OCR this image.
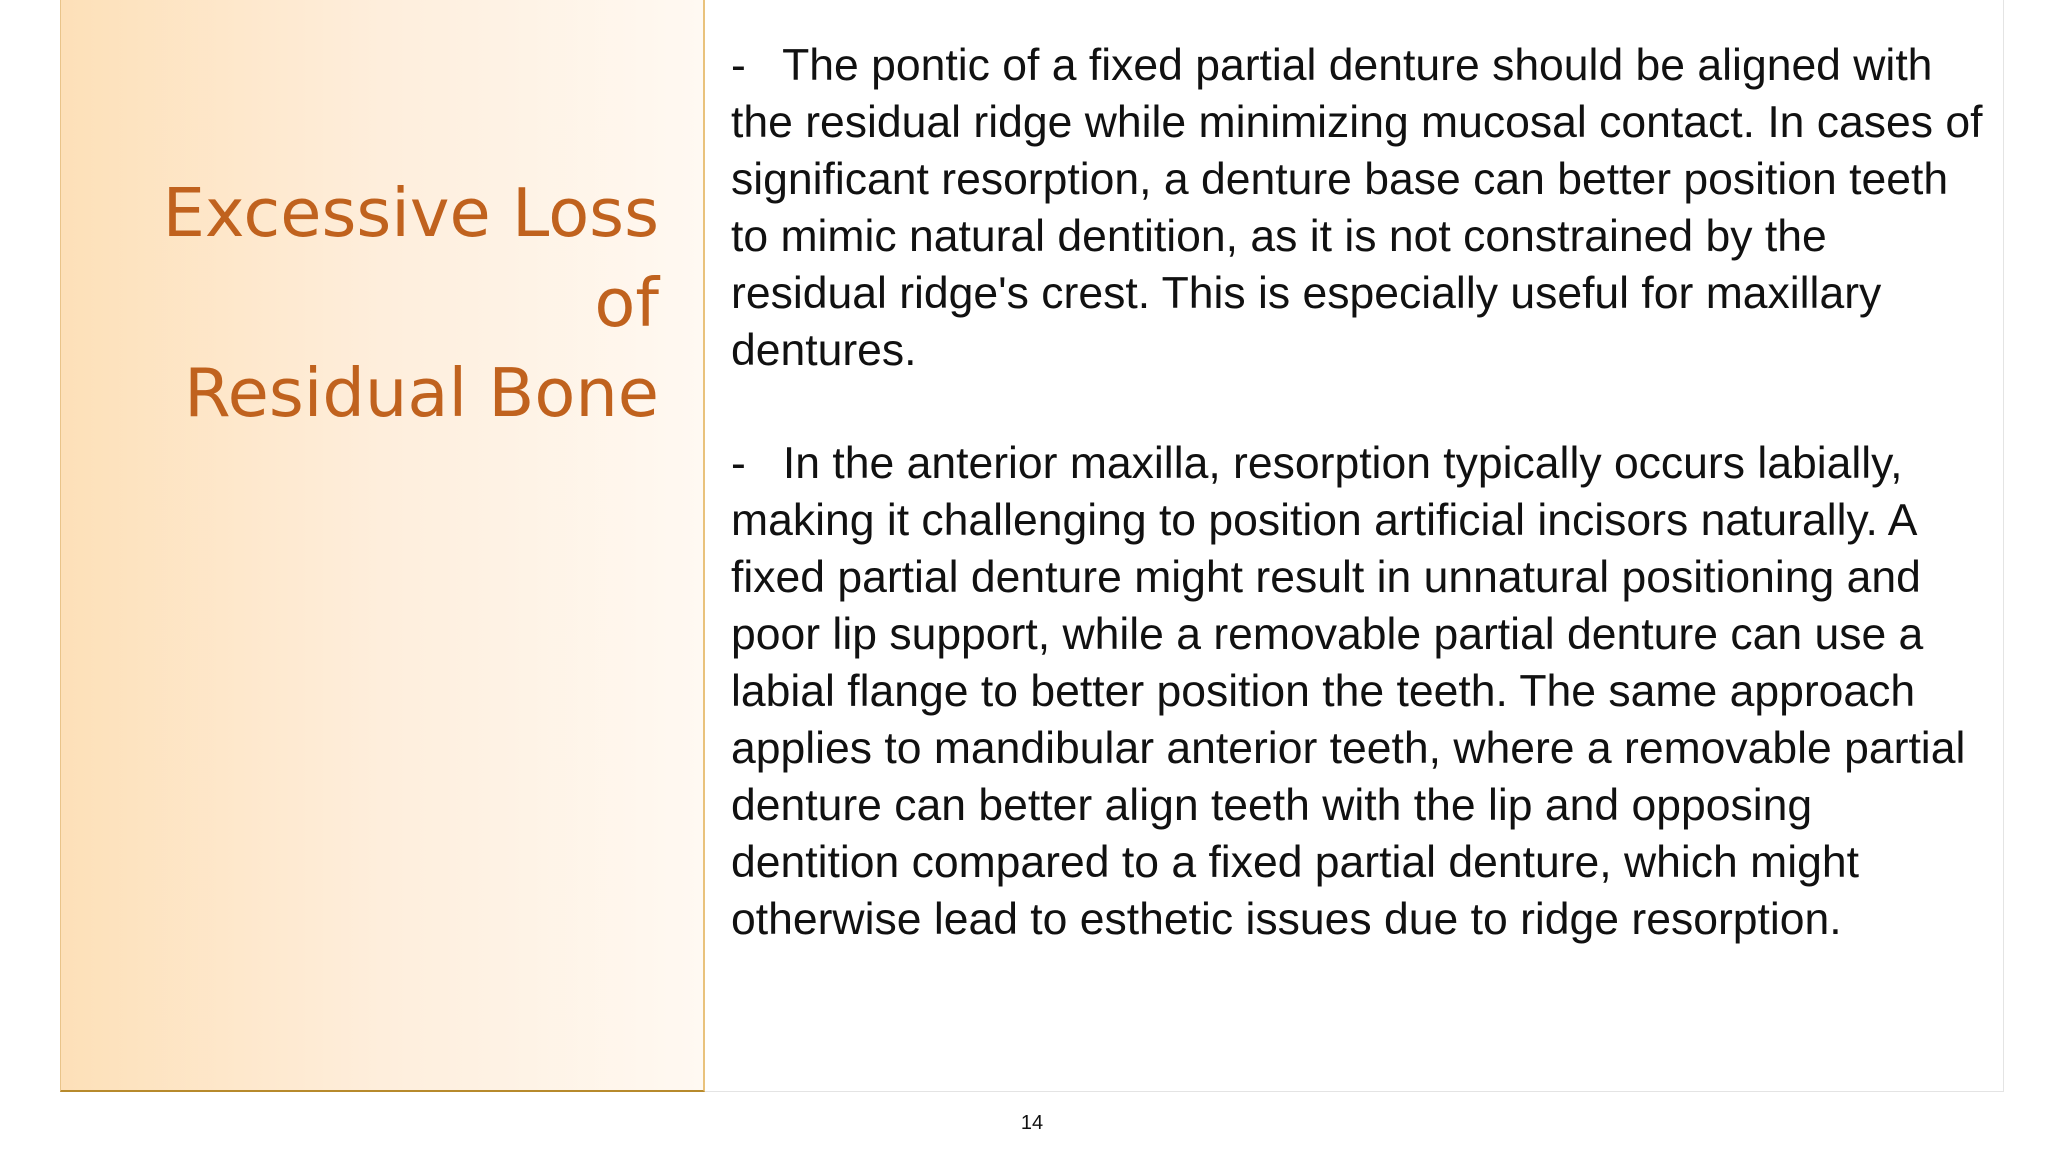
Excessive Loss of
Residual Bone

-   The pontic of a fixed partial denture should be aligned with the residual ridge while minimizing mucosal contact. In cases of significant resorption, a denture base can better position teeth to mimic natural dentition, as it is not constrained by the residual ridge's crest. This is especially useful for maxillary dentures.

-   In the anterior maxilla, resorption typically occurs labially, making it challenging to position artificial incisors naturally. A fixed partial denture might result in unnatural positioning and poor lip support, while a removable partial denture can use a labial flange to better position the teeth. The same approach applies to mandibular anterior teeth, where a removable partial denture can better align teeth with the lip and opposing dentition compared to a fixed partial denture, which might otherwise lead to esthetic issues due to ridge resorption.

14
